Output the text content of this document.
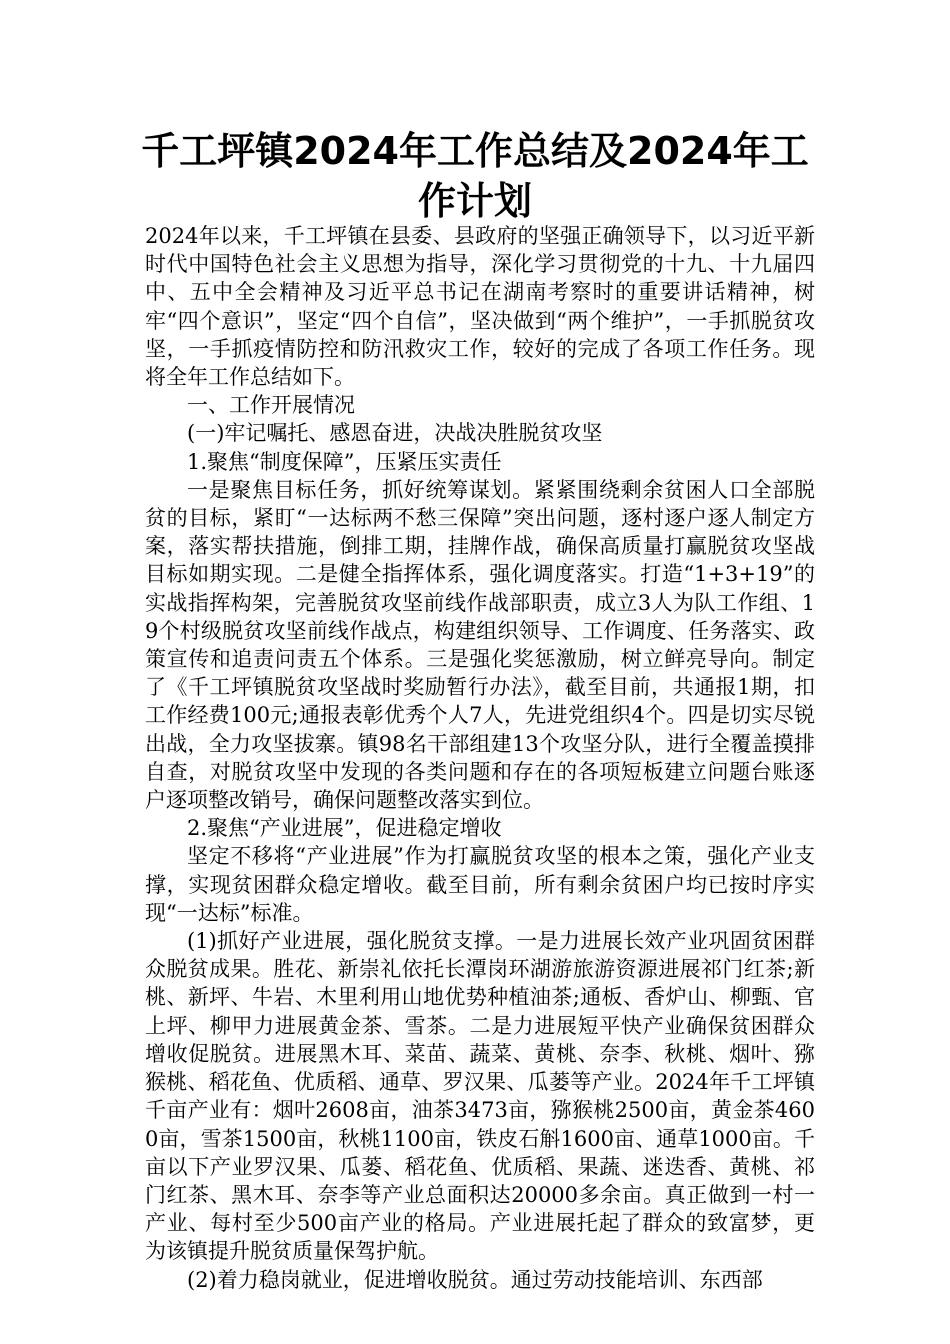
千工坪镇2024年工作总结及2024年工作计划

2024年以来，千工坪镇在县委、县政府的坚强正确领导下，以习近平新时代中国特色社会主义思想为指导，深化学习贯彻党的十九、十九届四中、五中全会精神及习近平总书记在湖南考察时的重要讲话精神，树牢“四个意识”，坚定“四个自信”，坚决做到“两个维护”，一手抓脱贫攻坚，一手抓疫情防控和防汛救灾工作，较好的完成了各项工作任务。现将全年工作总结如下。

一、工作开展情况

(一)牢记嘱托、感恩奋进，决战决胜脱贫攻坚

1.聚焦“制度保障”，压紧压实责任

一是聚焦目标任务，抓好统筹谋划。紧紧围绕剩余贫困人口全部脱贫的目标，紧盯“一达标两不愁三保障”突出问题，逐村逐户逐人制定方案，落实帮扶措施，倒排工期，挂牌作战，确保高质量打赢脱贫攻坚战目标如期实现。二是健全指挥体系，强化调度落实。打造“1+3+19”的实战指挥构架，完善脱贫攻坚前线作战部职责，成立3人为队工作组、19个村级脱贫攻坚前线作战点，构建组织领导、工作调度、任务落实、政策宣传和追责问责五个体系。三是强化奖惩激励，树立鲜亮导向。制定了《千工坪镇脱贫攻坚战时奖励暂行办法》，截至目前，共通报1期，扣工作经费100元;通报表彰优秀个人7人，先进党组织4个。四是切实尽锐出战，全力攻坚拔寨。镇98名干部组建13个攻坚分队，进行全覆盖摸排自查，对脱贫攻坚中发现的各类问题和存在的各项短板建立问题台账逐户逐项整改销号，确保问题整改落实到位。

2.聚焦“产业进展”，促进稳定增收

坚定不移将“产业进展”作为打赢脱贫攻坚的根本之策，强化产业支撑，实现贫困群众稳定增收。截至目前，所有剩余贫困户均已按时序实现“一达标”标准。

(1)抓好产业进展，强化脱贫支撑。一是力进展长效产业巩固贫困群众脱贫成果。胜花、新崇礼依托长潭岗环湖游旅游资源进展祁门红茶;新桃、新坪、牛岩、木里利用山地优势种植油茶;通板、香炉山、柳甄、官上坪、柳甲力进展黄金茶、雪茶。二是力进展短平快产业确保贫困群众增收促脱贫。进展黑木耳、菜苗、蔬菜、黄桃、奈李、秋桃、烟叶、猕猴桃、稻花鱼、优质稻、通草、罗汉果、瓜蒌等产业。2024年千工坪镇千亩产业有：烟叶2608亩，油茶3473亩，猕猴桃2500亩，黄金茶4600亩，雪茶1500亩，秋桃1100亩，铁皮石斛1600亩、通草1000亩。千亩以下产业罗汉果、瓜蒌、稻花鱼、优质稻、果蔬、迷迭香、黄桃、祁门红茶、黑木耳、奈李等产业总面积达20000多余亩。真正做到一村一产业、每村至少500亩产业的格局。产业进展托起了群众的致富梦，更为该镇提升脱贫质量保驾护航。

(2)着力稳岗就业，促进增收脱贫。通过劳动技能培训、东西部
